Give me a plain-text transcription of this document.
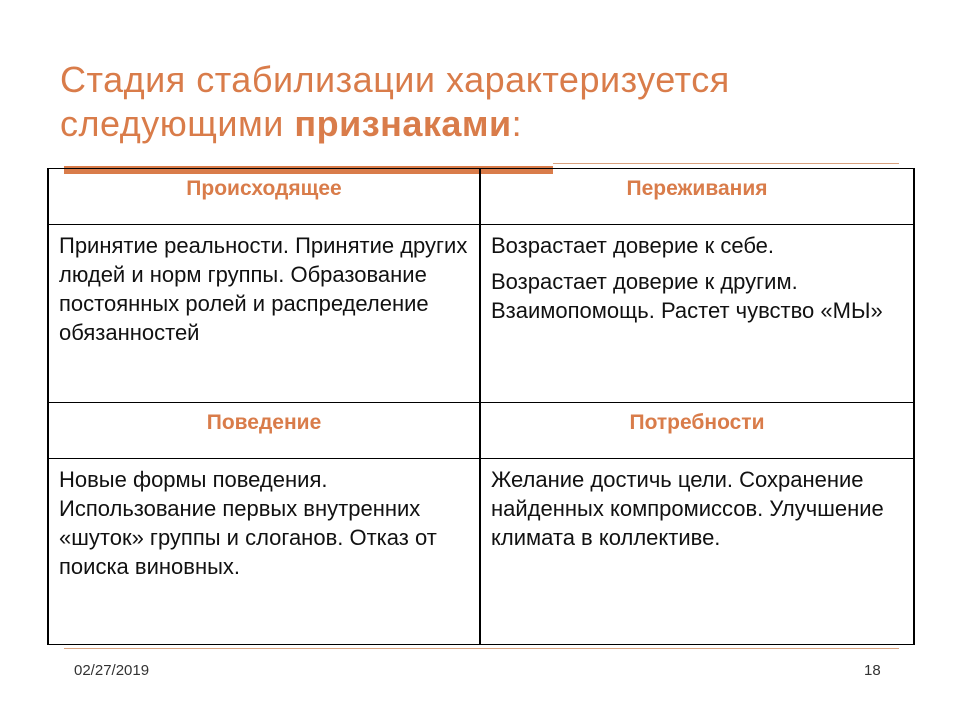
Стадия стабилизации характеризуется
следующими признаками:
Происходящее	Переживания

Принятие реальности. Принятие других людей и норм группы. Образование постоянных ролей и распределение обязанностей	Возрастает доверие к себе.

Возрастает доверие к другим. Взаимопомощь. Растет чувство «МЫ»

Поведение	Потребности

Новые формы поведения. Использование первых внутренних «шуток» группы и слоганов. Отказ от поиска виновных.	Желание достичь цели. Сохранение найденных компромиссов. Улучшение климата в коллективе.

02/27/2019	18
